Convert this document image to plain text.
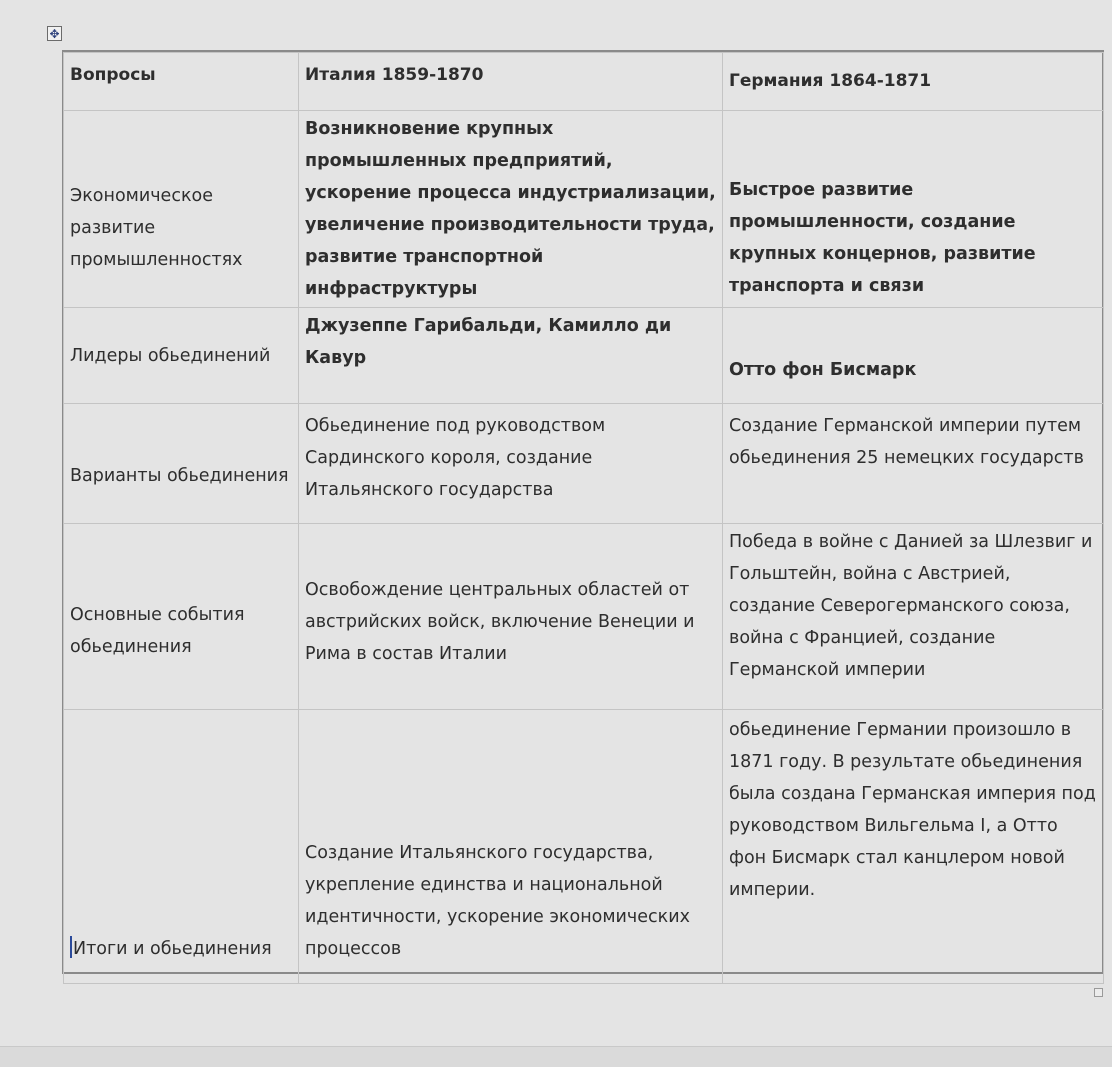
✥
Вопросы	Италия 1859-1870	Германия 1864-1871
Экономическое развитие промышленностях	Возникновение крупных промышленных предприятий, ускорение процесса индустриализации, увеличение производительности труда, развитие транспортной инфраструктуры	Быстрое развитие промышленности, создание крупных концернов, развитие транспорта и связи
Лидеры обьединений	Джузеппе Гарибальди, Камилло ди Кавур	Отто фон Бисмарк
Варианты обьединения	Обьединение под руководством Сардинского короля, создание Итальянского государства	Создание Германской империи путем обьединения 25 немецких государств
Основные события обьединения	Освобождение центральных областей от австрийских войск, включение Венеции и Рима в состав Италии	Победа в войне с Данией за Шлезвиг и Гольштейн, война с Австрией, создание Северогерманского союза, война с Францией, создание Германской империи
Итоги и обьединения	Создание Итальянского государства, укрепление единства и национальной идентичности, ускорение экономических процессов	обьединение Германии произошло в 1871 году. В результате обьединения была создана Германская империя под руководством Вильгельма I, а Отто фон Бисмарк стал канцлером новой империи.
